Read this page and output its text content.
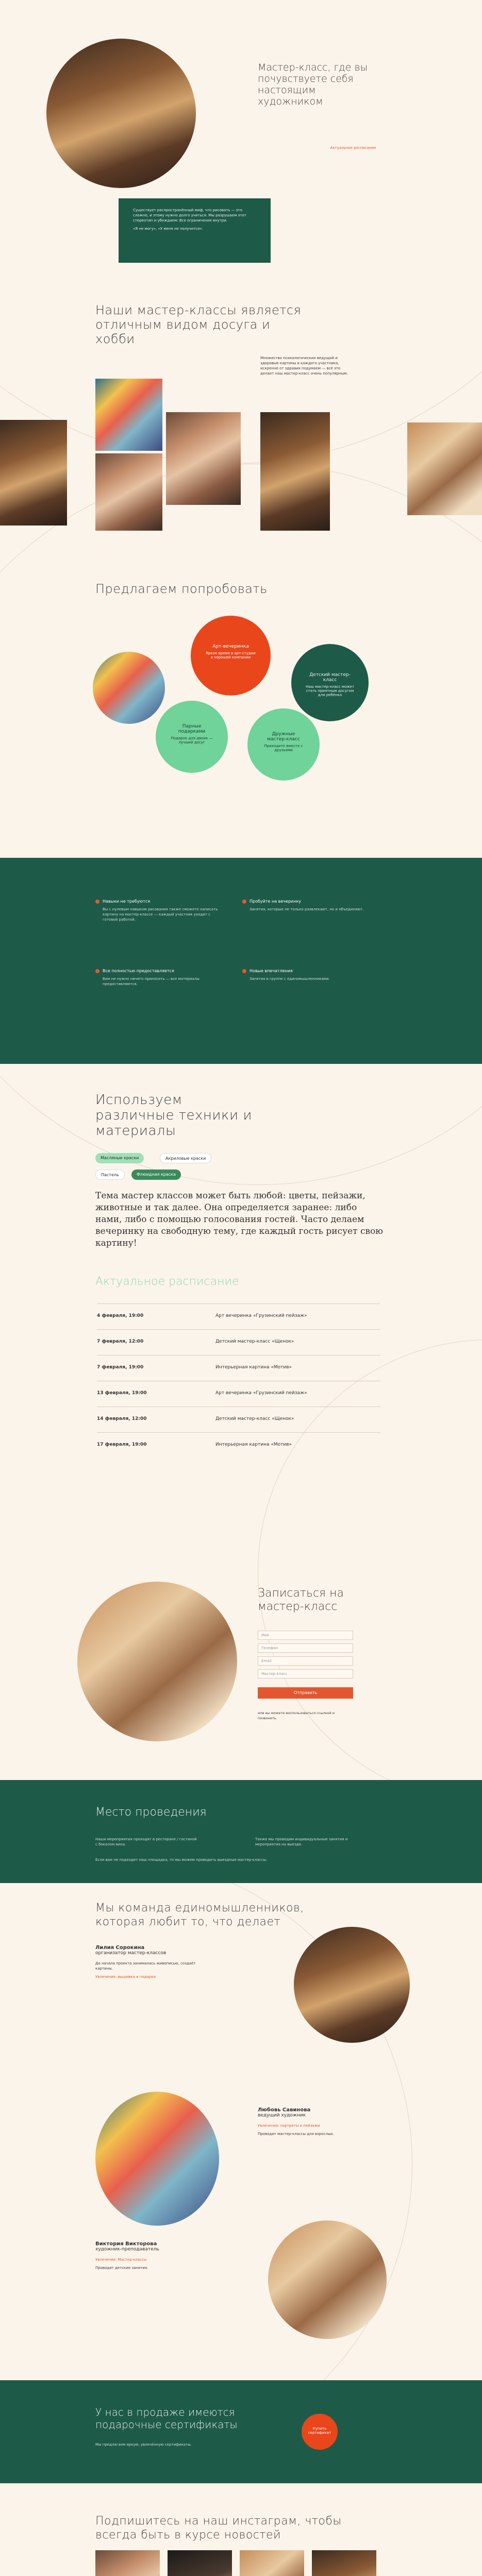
Мастер-класс, где вы почувствуете себя настоящим художником
Актуальное расписание
Существует распространённый миф, что рисовать — это сложно, и этому нужно долго учиться. Мы разрушаем этот стереотип и убеждаем: Все ограничения внутри.
«Я не могу», «У меня не получится».
Наши мастер-классы является отличным видом досуга и хобби
Множество психологических ведущий и здоровые картины в каждого участника, искренне от здравия подумаем — всё это делает наш мастер-класс очень популярным.
Предлагаем попробовать
Арт-вечеринка
Яркое время в арт-студии в хорошей компании
Детский мастер-класс
Наш мастер-класс может стать приятным досугом для ребёнка
Парные подарками
Подарок для двоих — лучший досуг
Дружные мастер-класс
Приходите вместе с друзьями
Навыки не требуются
Вы с нулевым навыком рисования также сможете написать картину на мастер-классе — каждый участник уходит с готовой работой.
Пробуйте на вечеринку
Занятия, которые не только развлекают, но и объединяют.
Все полностью предоставляется
Вам не нужно ничего приносить — все материалы предоставляются.
Новые впечатления
Занятия в группе с единомышленниками.
Используем различные техники и материалы
Масляные краски	Акриловые краски
Пастель	Флюидная краска
Тема мастер классов может быть любой: цветы, пейзажи, животные и так далее. Она определяется заранее: либо нами, либо с помощью голосования гостей. Часто делаем вечеринку на свободную тему, где каждый гость рисует свою картину!
Актуальное расписание
4 февраля, 19:00	Арт вечеринка «Грузинский пейзаж»
7 февраля, 12:00	Детский мастер-класс «Щенок»
7 февраля, 19:00	Интерьерная картина «Мотив»
13 февраля, 19:00	Арт вечеринка «Грузинский пейзаж»
14 февраля, 12:00	Детский мастер-класс «Щенок»
17 февраля, 19:00	Интерьерная картина «Мотив»
Записаться на мастер-класс
Имя
Телефон
Email
Мастер-класс
Отправить
или вы можете воспользоваться ссылкой и позвонить.
Место проведения
Наши мероприятия проходят в ресторане / гостиной с бокалом вина.
Также мы проводим индивидуальные занятия и мероприятия на выезде.
Если вам не подходит наш площадка, то мы можем проводить выездные мастер-классы.
Мы команда единомышленников, которая любит то, что делает
Лилия Сорокина
организатор мастер-классов
До начала проекта занималась живописью, создаёт картины.
Увлечения: вышивка и подарки
Любовь Савинова
ведущий художник
Увлечения: портреты и пейзажи
Проводит мастер-классы для взрослых.
Виктория Викторова
художник-преподаватель
Увлечения: Мастер-классы
Проводит детские занятия.
У нас в продаже имеются подарочные сертификаты
Мы предлагаем яркую, увлечённую сертификаты.
Купить сертификат
Подпишитесь на наш инстаграм, чтобы всегда быть в курсе новостей
